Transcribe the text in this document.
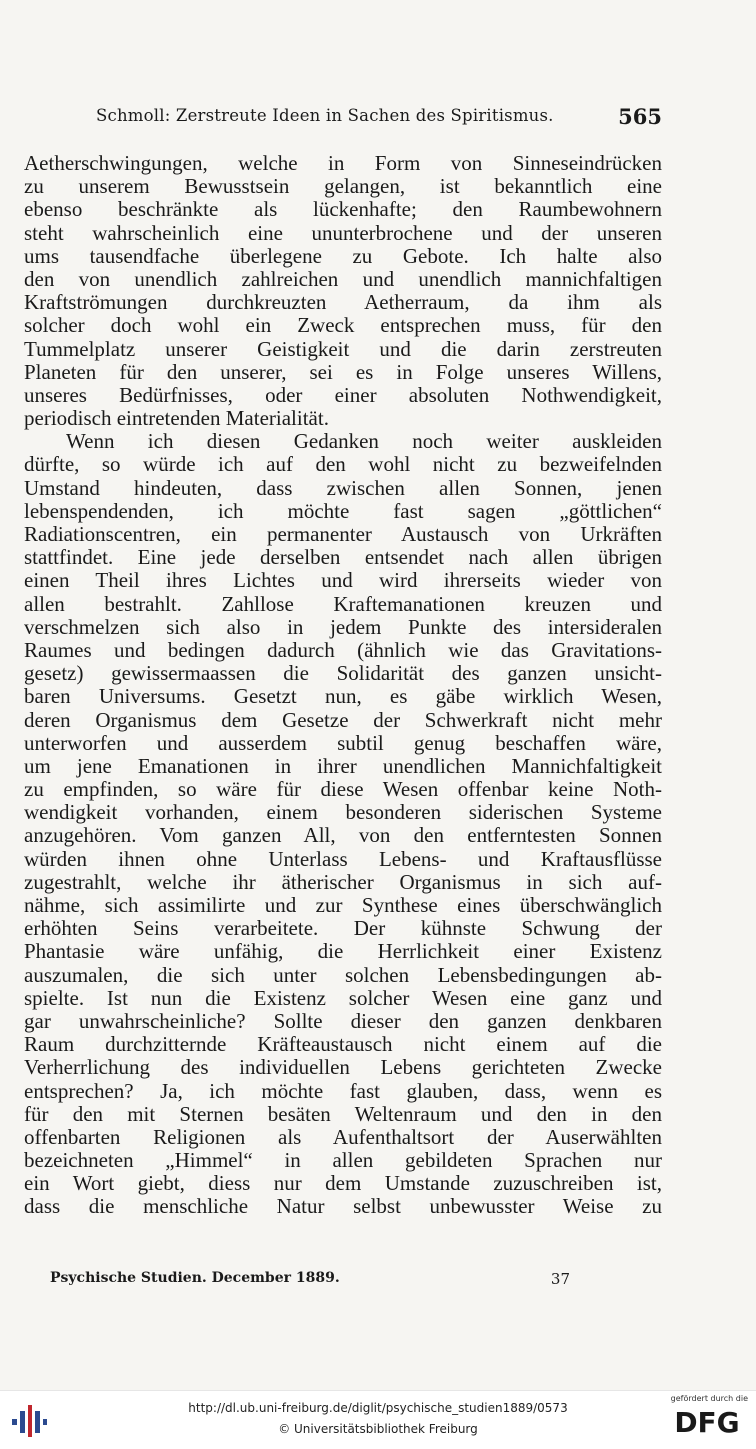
Schmoll: Zerstreute Ideen in Sachen des Spiritismus.	565
Aetherschwingungen, welche in Form von Sinneseindrücken
zu unserem Bewusstsein gelangen, ist bekanntlich eine
ebenso beschränkte als lückenhafte; den Raumbewohnern
steht wahrscheinlich eine ununterbrochene und der unseren
ums tausendfache überlegene zu Gebote. Ich halte also
den von unendlich zahlreichen und unendlich mannichfaltigen
Kraftströmungen durchkreuzten Aetherraum, da ihm als
solcher doch wohl ein Zweck entsprechen muss, für den
Tummelplatz unserer Geistigkeit und die darin zerstreuten
Planeten für den unserer, sei es in Folge unseres Willens,
unseres Bedürfnisses, oder einer absoluten Nothwendigkeit,
periodisch eintretenden Materialität.
Wenn ich diesen Gedanken noch weiter auskleiden
dürfte, so würde ich auf den wohl nicht zu bezweifelnden
Umstand hindeuten, dass zwischen allen Sonnen, jenen
lebenspendenden, ich möchte fast sagen „göttlichen“
Radiationscentren, ein permanenter Austausch von Urkräften
stattfindet. Eine jede derselben entsendet nach allen übrigen
einen Theil ihres Lichtes und wird ihrerseits wieder von
allen bestrahlt. Zahllose Kraftemanationen kreuzen und
verschmelzen sich also in jedem Punkte des intersideralen
Raumes und bedingen dadurch (ähnlich wie das Gravitations-
gesetz) gewissermaassen die Solidarität des ganzen unsicht-
baren Universums. Gesetzt nun, es gäbe wirklich Wesen,
deren Organismus dem Gesetze der Schwerkraft nicht mehr
unterworfen und ausserdem subtil genug beschaffen wäre,
um jene Emanationen in ihrer unendlichen Mannichfaltigkeit
zu empfinden, so wäre für diese Wesen offenbar keine Noth-
wendigkeit vorhanden, einem besonderen siderischen Systeme
anzugehören. Vom ganzen All, von den entferntesten Sonnen
würden ihnen ohne Unterlass Lebens- und Kraftausflüsse
zugestrahlt, welche ihr ätherischer Organismus in sich auf-
nähme, sich assimilirte und zur Synthese eines überschwänglich
erhöhten Seins verarbeitete. Der kühnste Schwung der
Phantasie wäre unfähig, die Herrlichkeit einer Existenz
auszumalen, die sich unter solchen Lebensbedingungen ab-
spielte. Ist nun die Existenz solcher Wesen eine ganz und
gar unwahrscheinliche? Sollte dieser den ganzen denkbaren
Raum durchzitternde Kräfteaustausch nicht einem auf die
Verherrlichung des individuellen Lebens gerichteten Zwecke
entsprechen? Ja, ich möchte fast glauben, dass, wenn es
für den mit Sternen besäten Weltenraum und den in den
offenbarten Religionen als Aufenthaltsort der Auserwählten
bezeichneten „Himmel“ in allen gebildeten Sprachen nur
ein Wort giebt, diess nur dem Umstande zuzuschreiben ist,
dass die menschliche Natur selbst unbewusster Weise zu
Psychische Studien. December 1889.	37
http://dl.ub.uni-freiburg.de/diglit/psychische_studien1889/0573
© Universitätsbibliothek Freiburg
gefördert durch die
DFG
